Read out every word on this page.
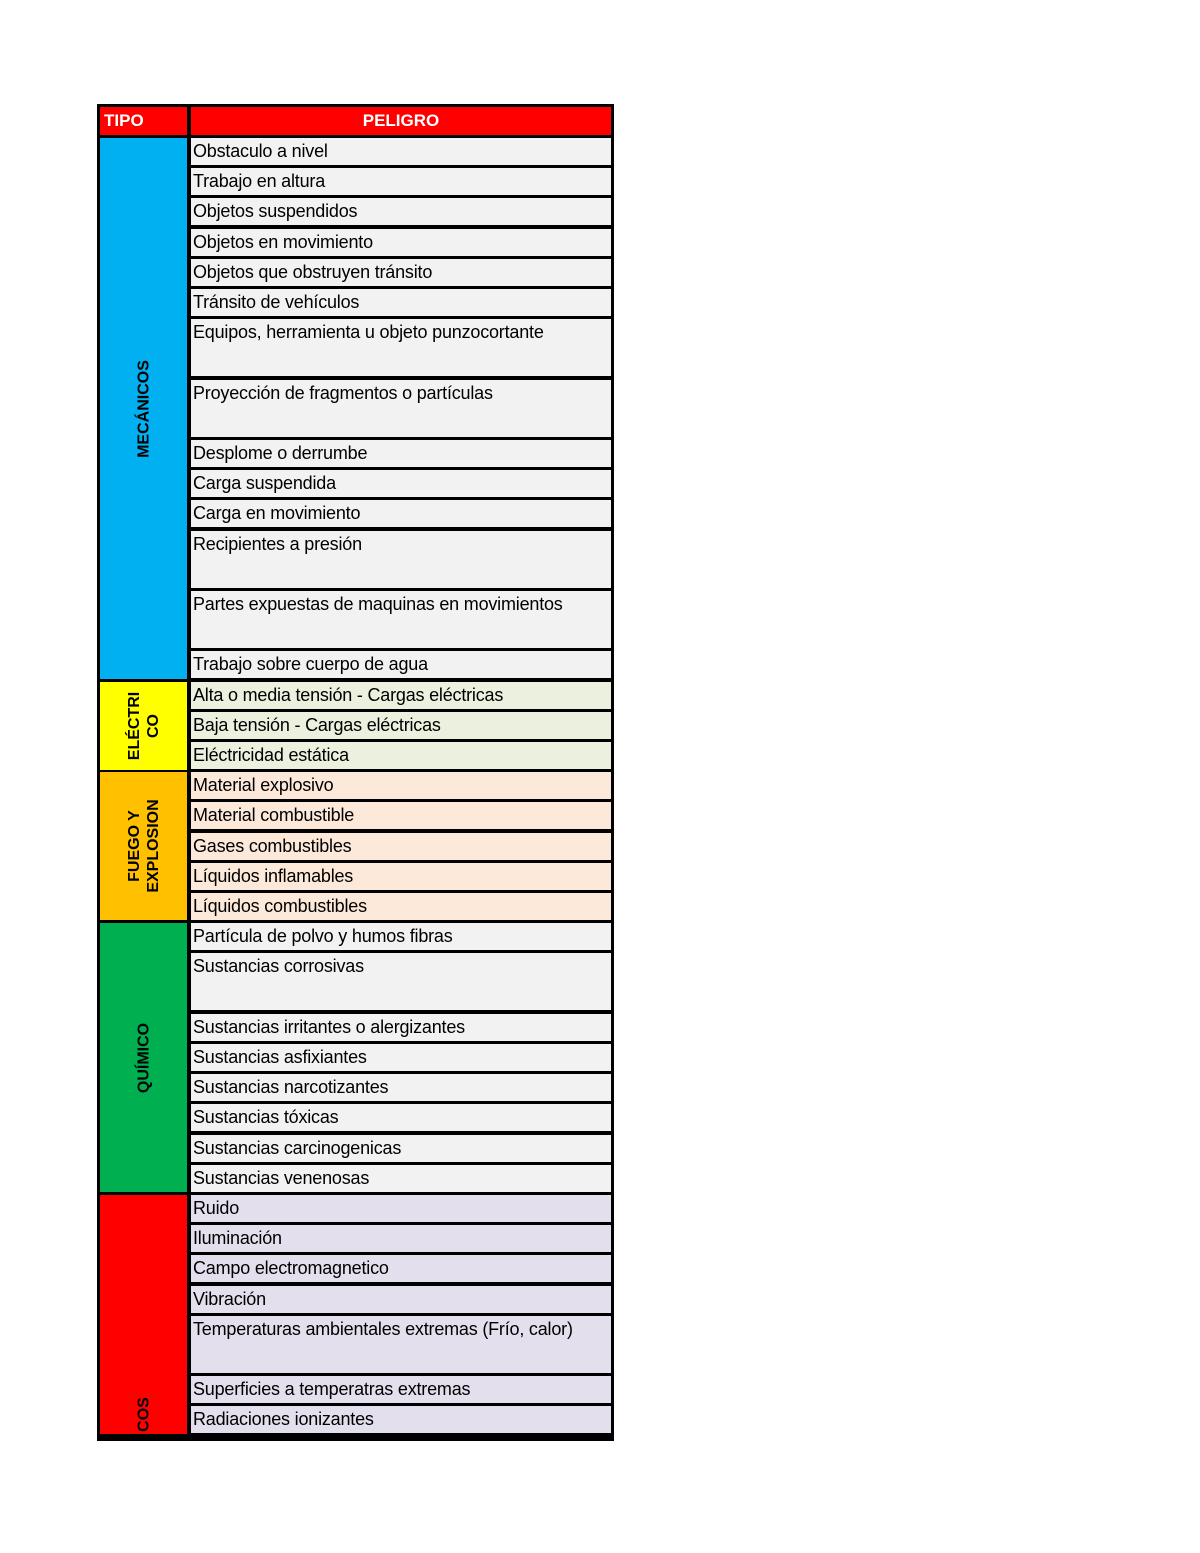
TIPO	PELIGRO
Obstaculo a nivel
Trabajo en altura
Objetos suspendidos
Objetos en movimiento
Objetos que obstruyen tránsito
Tránsito de vehículos
Equipos, herramienta u objeto punzocortante
Proyección de fragmentos o partículas
Desplome o derrumbe
Carga suspendida
Carga en movimiento
Recipientes a presión
Partes expuestas de maquinas en movimientos
Trabajo sobre cuerpo de agua
MECÁNICOS
Alta o media tensión - Cargas eléctricas
Baja tensión - Cargas eléctricas
Eléctricidad estática
ELÉCTRI
CO
Material explosivo
Material combustible
Gases combustibles
Líquidos inflamables
Líquidos combustibles
FUEGO Y
EXPLOSION
Partícula de polvo y humos fibras
Sustancias corrosivas
Sustancias irritantes o alergizantes
Sustancias asfixiantes
Sustancias narcotizantes
Sustancias tóxicas
Sustancias carcinogenicas
Sustancias venenosas
QUÍMICO
Ruido
Iluminación
Campo electromagnetico
Vibración
Temperaturas ambientales extremas (Frío, calor)
Superficies a temperatras extremas
Radiaciones ionizantes
COS
